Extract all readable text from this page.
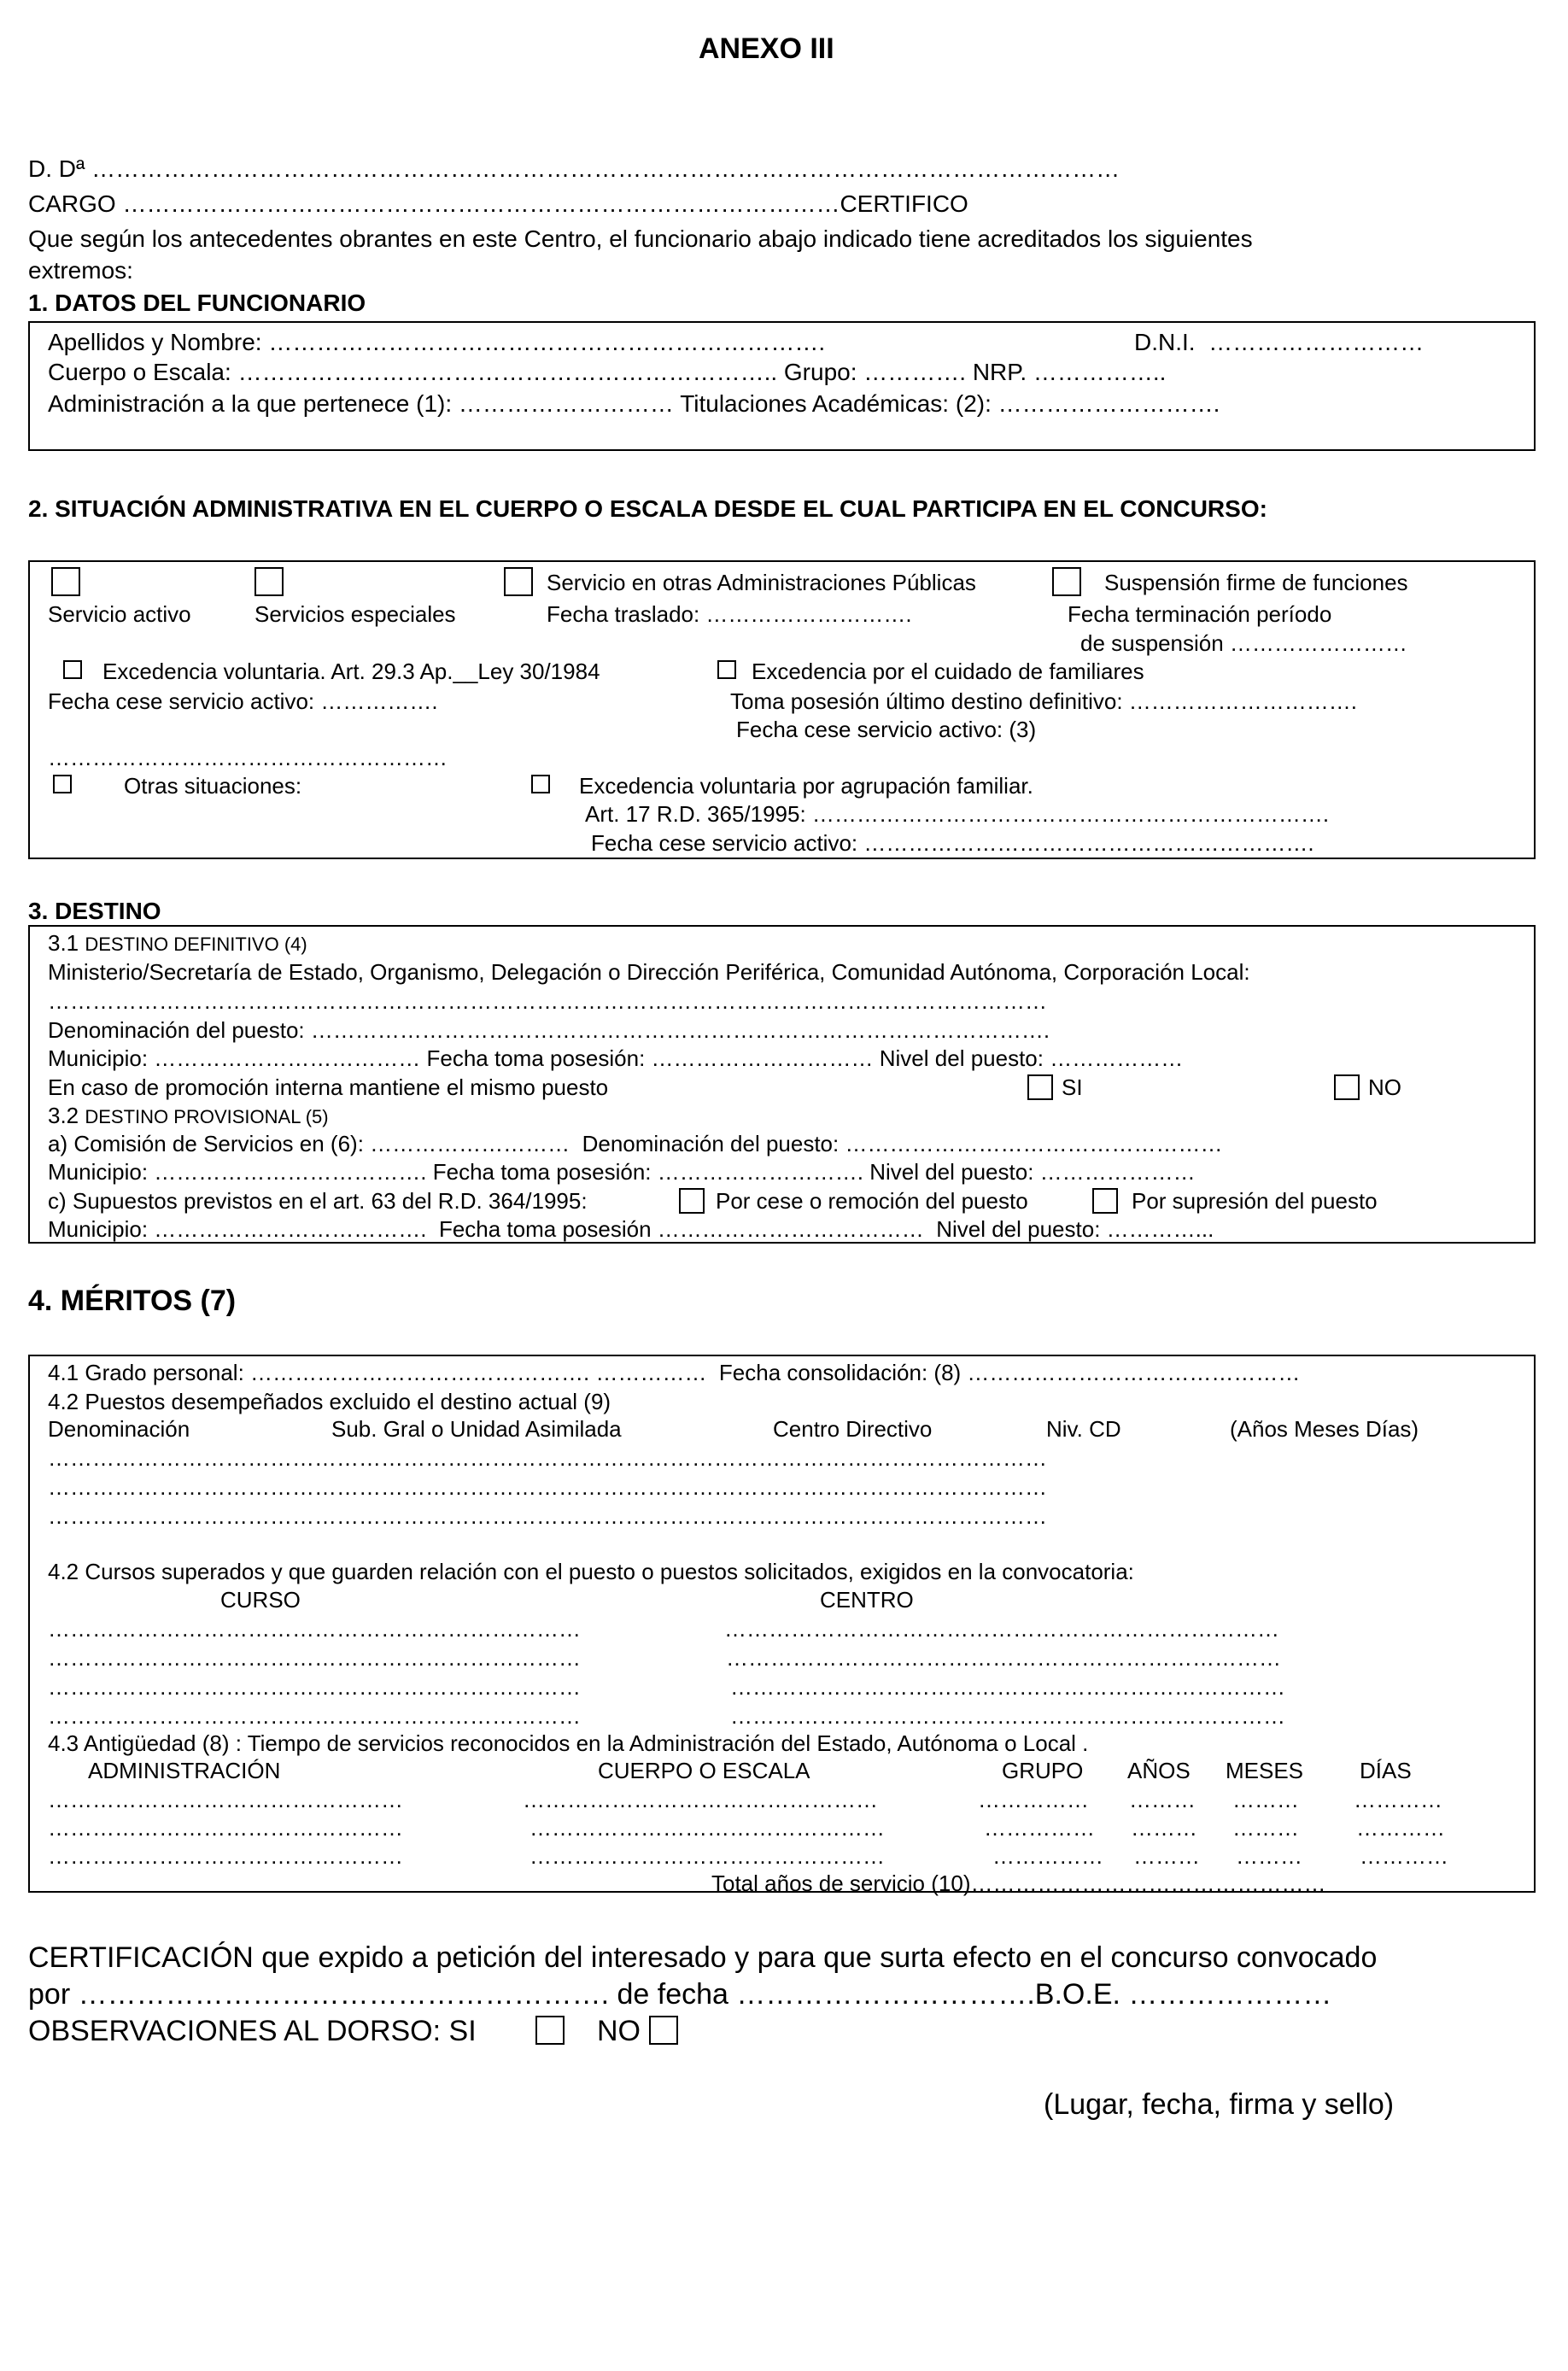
ANEXO III
D. Dª …………………………………………………………………………………………………………………
CARGO ………………………………………………………………………………CERTIFICO
Que según los antecedentes obrantes en este Centro, el funcionario abajo indicado tiene acreditados los siguientes
extremos:
1. DATOS DEL FUNCIONARIO
Apellidos y Nombre: …………………………………………………………….	D.N.I.  ………………………
Cuerpo o Escala: ………………………………………………………….. Grupo: …………. NRP. ……………..
Administración a la que pertenece (1): ……………………… Titulaciones Académicas: (2): ……………………….
2. SITUACIÓN ADMINISTRATIVA EN EL CUERPO O ESCALA DESDE EL CUAL PARTICIPA EN EL CONCURSO:
Servicio en otras Administraciones Públicas	Suspensión firme de funciones
Servicio activo	Servicios especiales	Fecha traslado: ……………………….	Fecha terminación período
de suspensión ……………………
Excedencia voluntaria. Art. 29.3 Ap.__Ley 30/1984	Excedencia por el cuidado de familiares
Fecha cese servicio activo: …………….	Toma posesión último destino definitivo: ………………………….
Fecha cese servicio activo: (3)
………………………………………………
Otras situaciones:	Excedencia voluntaria por agrupación familiar.
Art. 17 R.D. 365/1995: …………………………………………………………….
Fecha cese servicio activo: …………………………………………………….
3. DESTINO
3.1 DESTINO DEFINITIVO (4)
Ministerio/Secretaría de Estado, Organismo, Delegación o Dirección Periférica, Comunidad Autónoma, Corporación Local:
………………………………………………………………………………………………………………………
Denominación del puesto: ……………………………………………………………………………………….
Municipio: ……………………………… Fecha toma posesión: ………………………… Nivel del puesto: ………………
En caso de promoción interna mantiene el mismo puesto	SI	NO
3.2 DESTINO PROVISIONAL (5)
a) Comisión de Servicios en (6): ………………………  Denominación del puesto: ……………………………………………
Municipio: ………………………………. Fecha toma posesión: ………………………. Nivel del puesto: …………………
c) Supuestos previstos en el art. 63 del R.D. 364/1995:	Por cese o remoción del puesto	Por supresión del puesto
Municipio: ……………………………….  Fecha toma posesión ………………………………  Nivel del puesto: …………...
4. MÉRITOS (7)
4.1 Grado personal: ………………………………………. ……………  Fecha consolidación: (8) ………………………………………
4.2 Puestos desempeñados excluido el destino actual (9)
Denominación	Sub. Gral o Unidad Asimilada	Centro Directivo	Niv. CD	(Años Meses Días)
………………………………………………………………………………………………………………………
………………………………………………………………………………………………………………………
………………………………………………………………………………………………………………………
4.2 Cursos superados y que guarden relación con el puesto o puestos solicitados, exigidos en la convocatoria:
CURSO	CENTRO
………………………………………………………………	…………………………………………………………………
………………………………………………………………	…………………………………………………………………
………………………………………………………………	…………………………………………………………………
………………………………………………………………	…………………………………………………………………
4.3 Antigüedad (8) : Tiempo de servicios reconocidos en la Administración del Estado, Autónoma o Local .
ADMINISTRACIÓN	CUERPO O ESCALA	GRUPO AÑOS MESES	DÍAS
…………………………………………	…………………………………………	…………… ……… ……… …………
…………………………………………	…………………………………………	…………… ……… ………	…………
…………………………………………	…………………………………………	…………… ……… ………	…………
Total años de servicio (10)…………………………………………
CERTIFICACIÓN que expido a petición del interesado y para que surta efecto en el concurso convocado
por ………………………………………………. de fecha ………………………….B.O.E. …………………
OBSERVACIONES AL DORSO: SI	NO
(Lugar, fecha, firma y sello)
